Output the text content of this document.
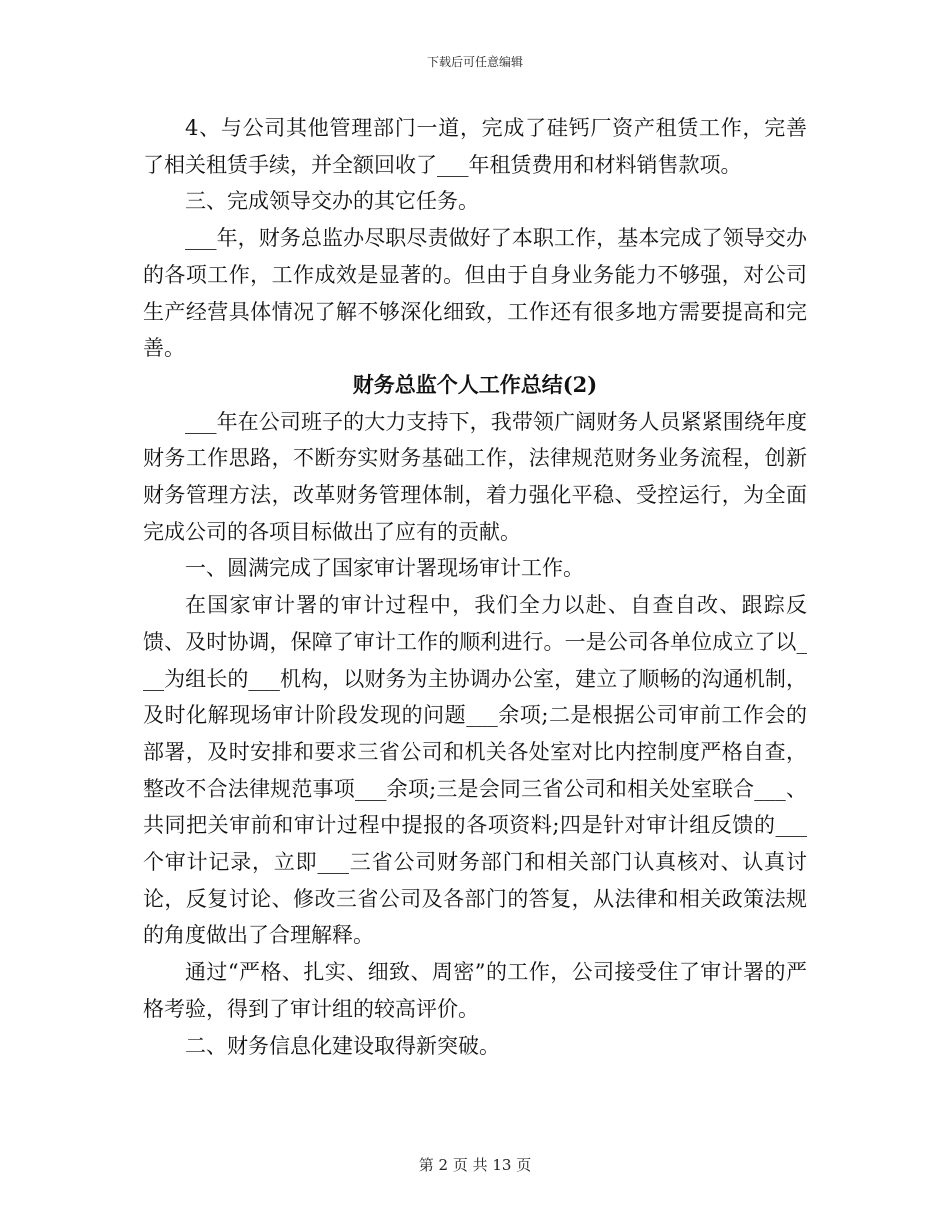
下载后可任意编辑

4、与公司其他管理部门一道，完成了硅钙厂资产租赁工作，完善了相关租赁手续，并全额回收了___年租赁费用和材料销售款项。

三、完成领导交办的其它任务。

___年，财务总监办尽职尽责做好了本职工作，基本完成了领导交办的各项工作，工作成效是显著的。但由于自身业务能力不够强，对公司生产经营具体情况了解不够深化细致，工作还有很多地方需要提高和完善。

财务总监个人工作总结(2)

___年在公司班子的大力支持下，我带领广阔财务人员紧紧围绕年度财务工作思路，不断夯实财务基础工作，法律规范财务业务流程，创新财务管理方法，改革财务管理体制，着力强化平稳、受控运行，为全面完成公司的各项目标做出了应有的贡献。

一、圆满完成了国家审计署现场审计工作。

在国家审计署的审计过程中，我们全力以赴、自查自改、跟踪反馈、及时协调，保障了审计工作的顺利进行。一是公司各单位成立了以___为组长的___机构，以财务为主协调办公室，建立了顺畅的沟通机制，及时化解现场审计阶段发现的问题___余项;二是根据公司审前工作会的部署，及时安排和要求三省公司和机关各处室对比内控制度严格自查，整改不合法律规范事项___余项;三是会同三省公司和相关处室联合___、共同把关审前和审计过程中提报的各项资料;四是针对审计组反馈的___个审计记录，立即___三省公司财务部门和相关部门认真核对、认真讨论，反复讨论、修改三省公司及各部门的答复，从法律和相关政策法规的角度做出了合理解释。

通过“严格、扎实、细致、周密”的工作，公司接受住了审计署的严格考验，得到了审计组的较高评价。

二、财务信息化建设取得新突破。

第 2 页 共 13 页
